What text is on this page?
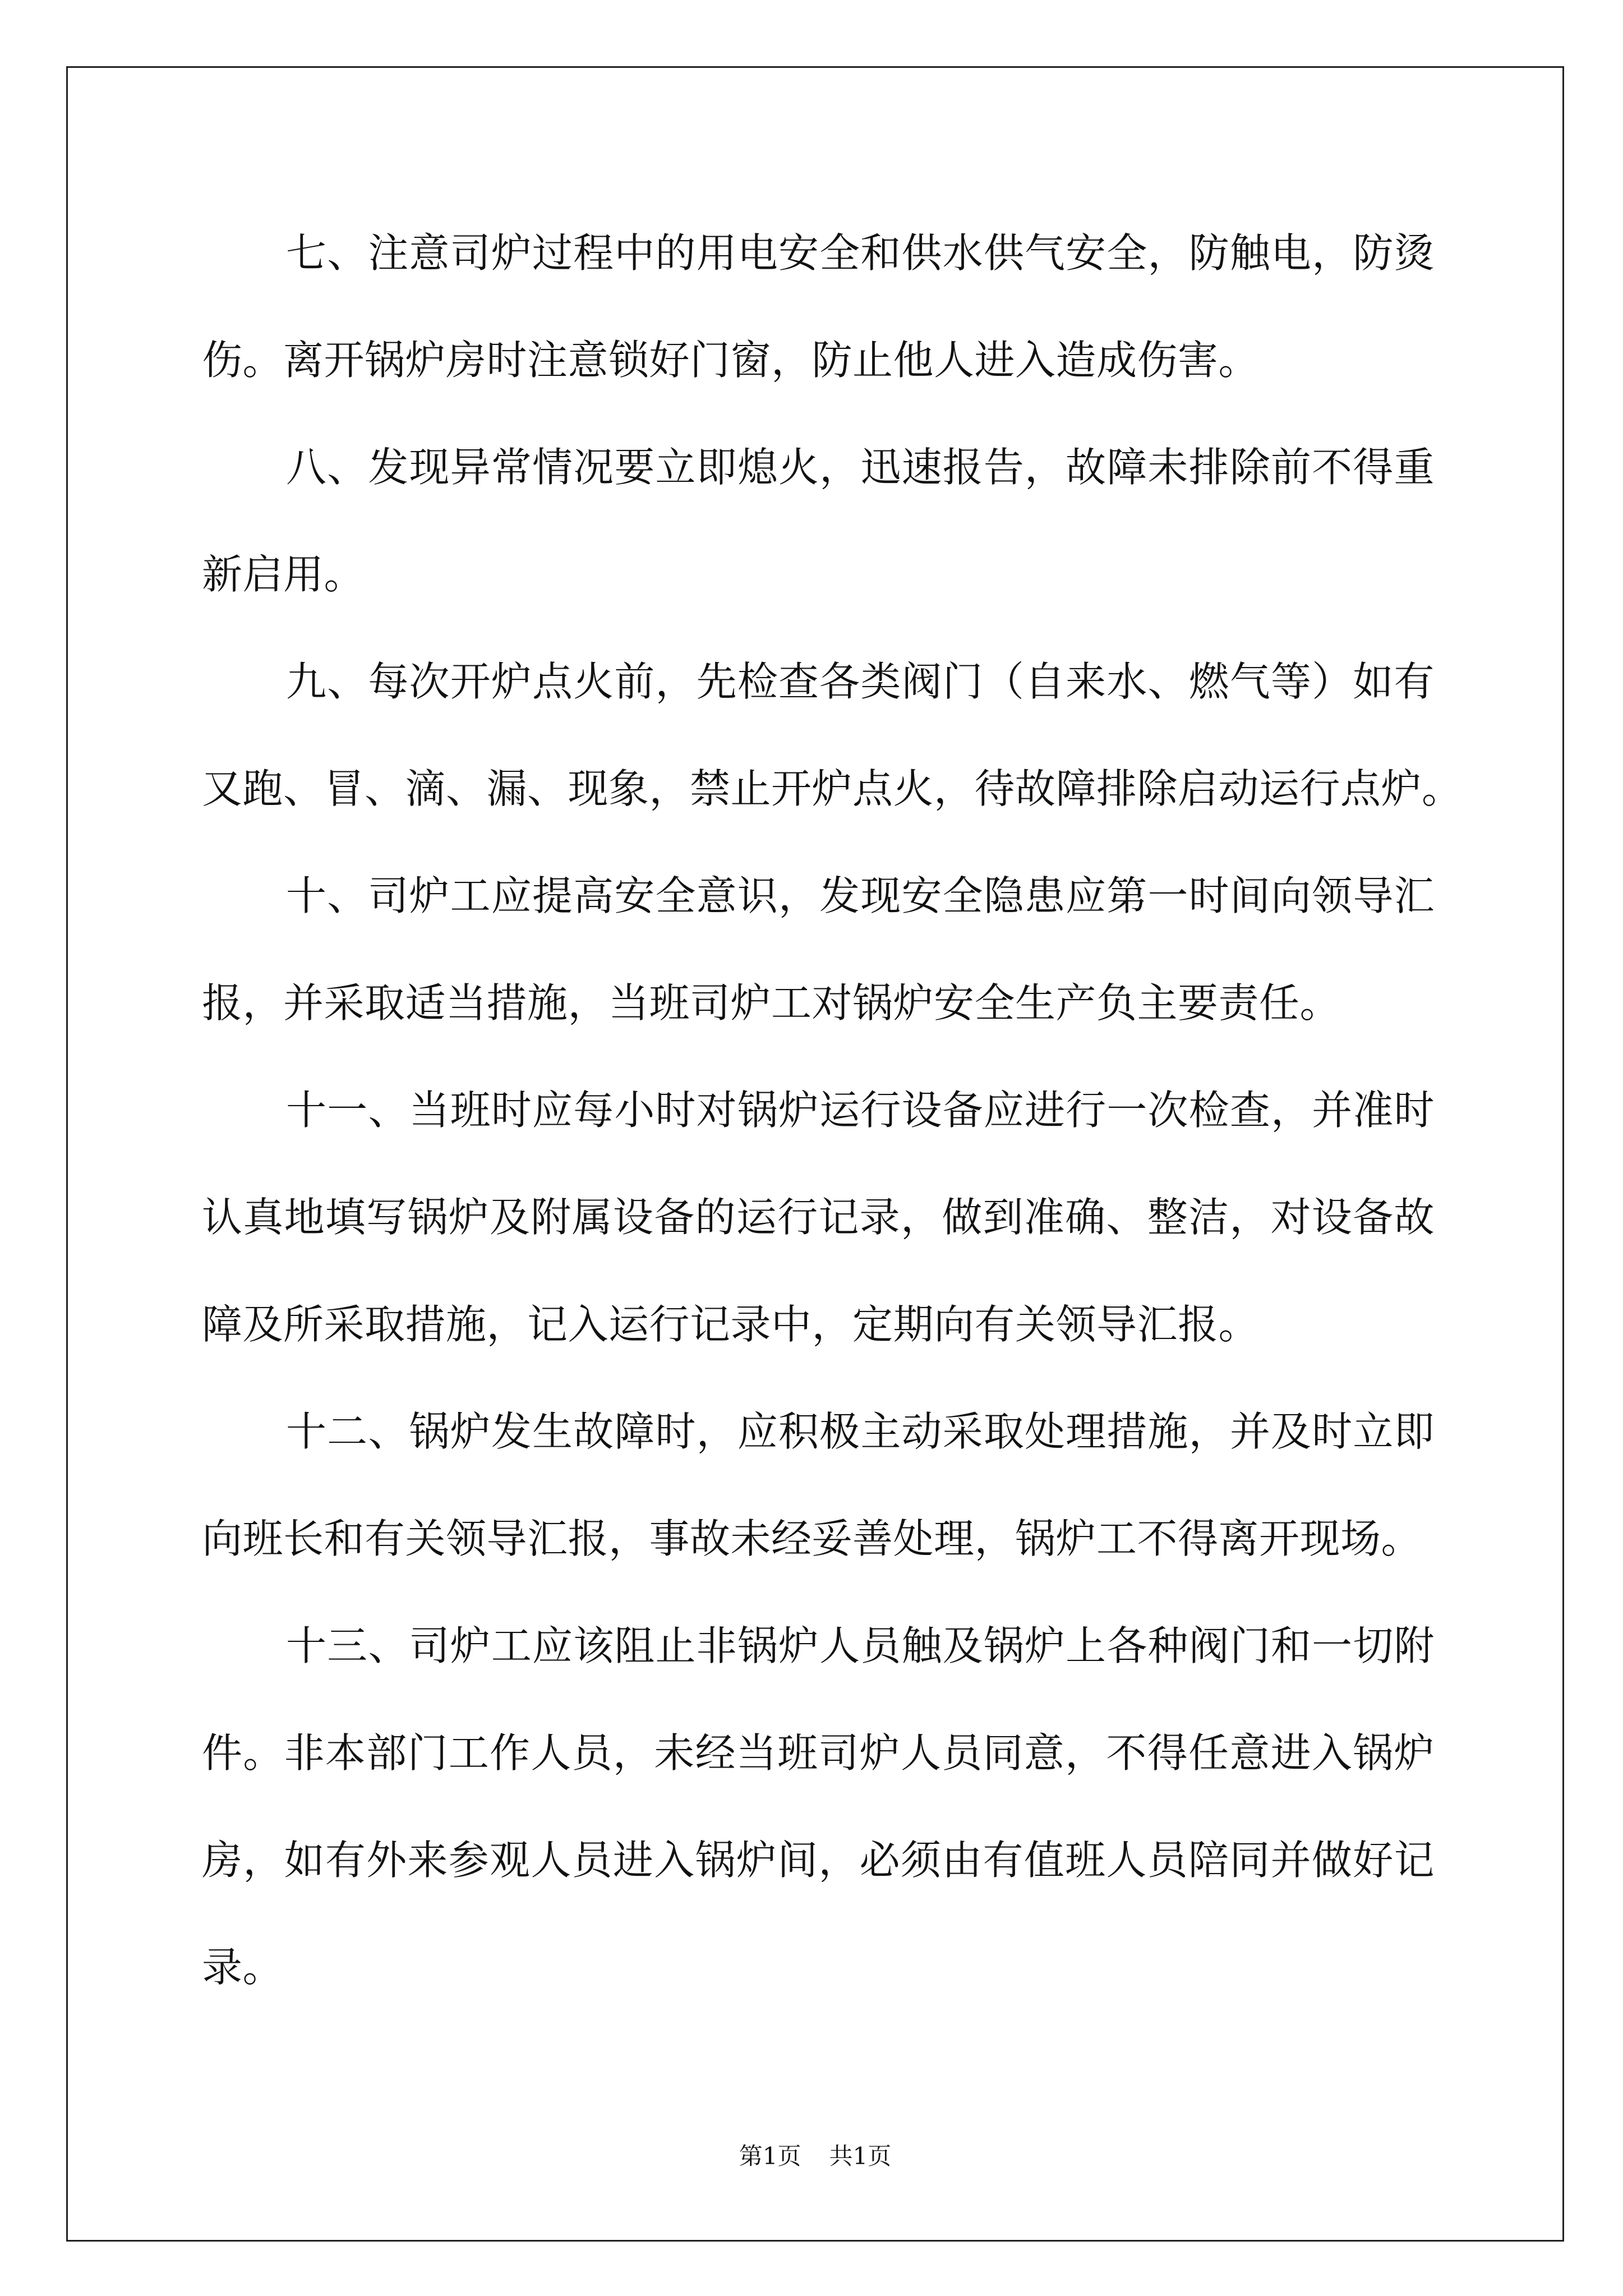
七、注意司炉过程中的用电安全和供水供气安全，防触电，防烫
伤。离开锅炉房时注意锁好门窗，防止他人进入造成伤害。
八、发现异常情况要立即熄火，迅速报告，故障未排除前不得重
新启用。
九、每次开炉点火前，先检查各类阀门（自来水、燃气等）如有
又跑、冒、滴、漏、现象，禁止开炉点火，待故障排除启动运行点炉。
十、司炉工应提高安全意识，发现安全隐患应第一时间向领导汇
报，并采取适当措施，当班司炉工对锅炉安全生产负主要责任。
十一、当班时应每小时对锅炉运行设备应进行一次检查，并准时
认真地填写锅炉及附属设备的运行记录，做到准确、整洁，对设备故
障及所采取措施，记入运行记录中，定期向有关领导汇报。
十二、锅炉发生故障时，应积极主动采取处理措施，并及时立即
向班长和有关领导汇报，事故未经妥善处理，锅炉工不得离开现场。
十三、司炉工应该阻止非锅炉人员触及锅炉上各种阀门和一切附
件。非本部门工作人员，未经当班司炉人员同意，不得任意进入锅炉
房，如有外来参观人员进入锅炉间，必须由有值班人员陪同并做好记
录。
第1页 共1页
